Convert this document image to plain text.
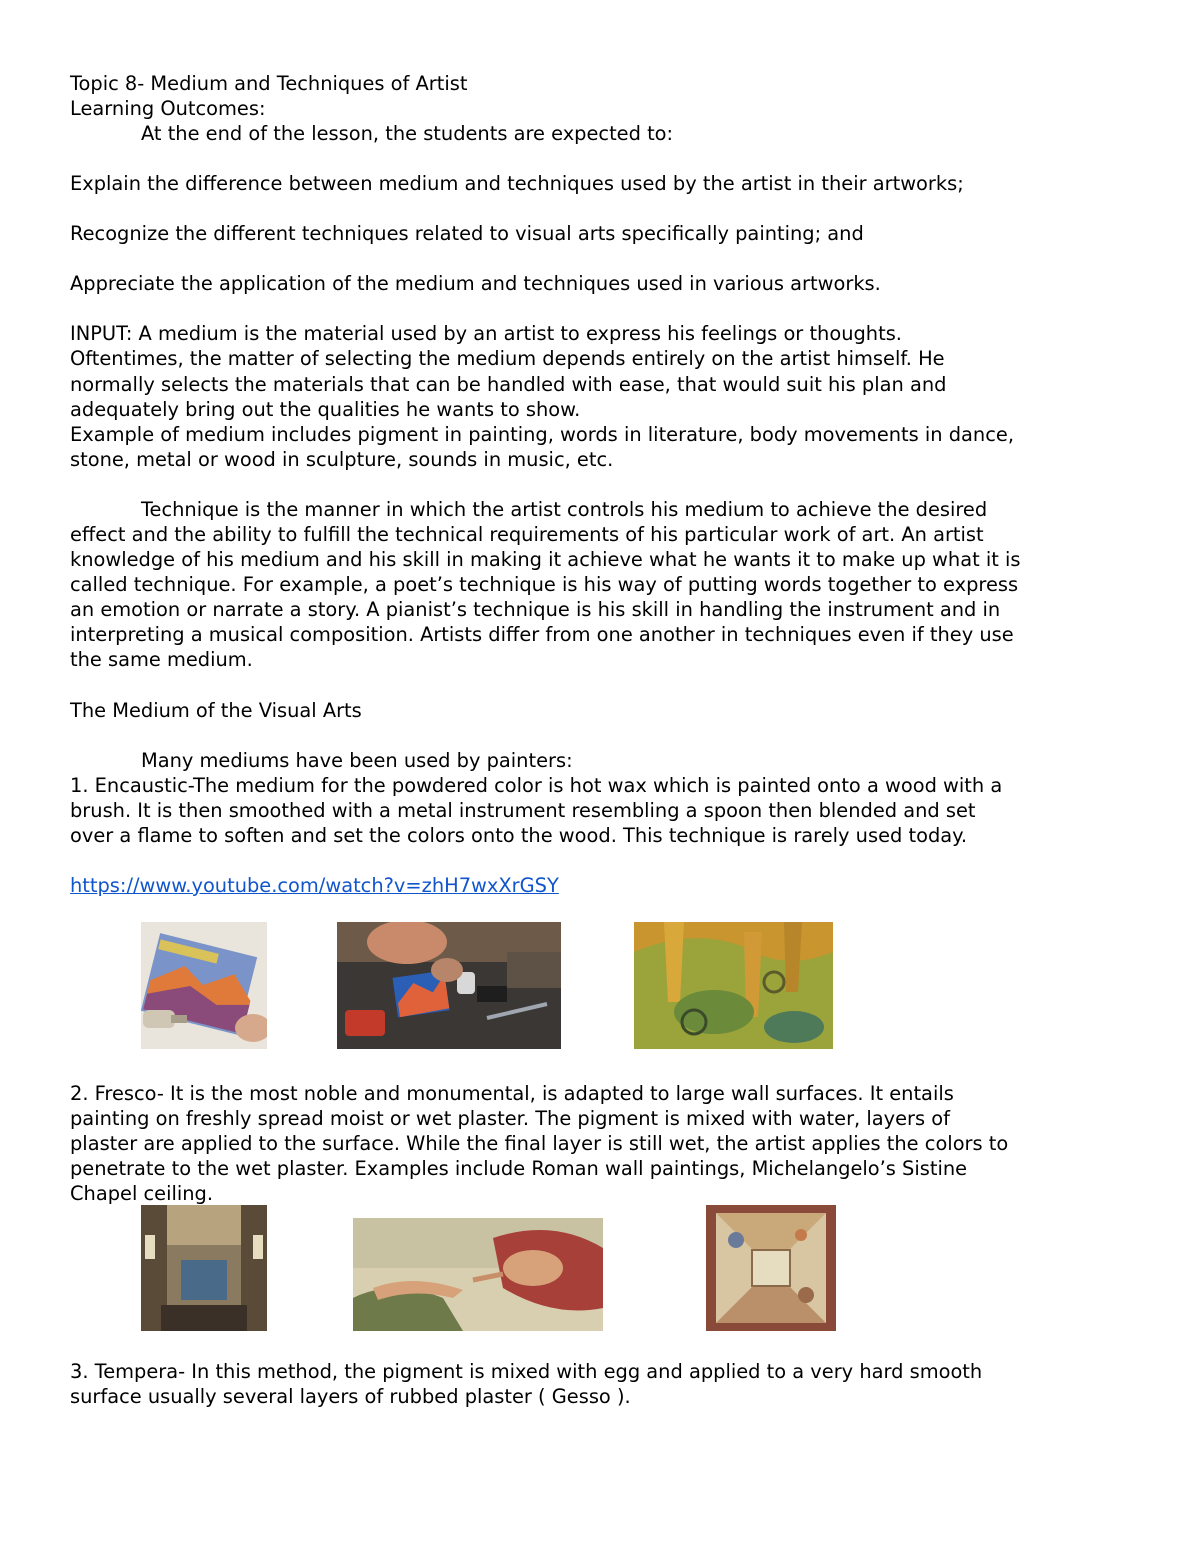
Topic 8- Medium and Techniques of Artist
Learning Outcomes:
At the end of the lesson, the students are expected to:
Explain the difference between medium and techniques used by the artist in their artworks;
Recognize the different techniques related to visual arts specifically painting; and
Appreciate the application of the medium and techniques used in various artworks.
INPUT: A medium is the material used by an artist to express his feelings or thoughts.
Oftentimes, the matter of selecting the medium depends entirely on the artist himself. He
normally selects the materials that can be handled with ease, that would suit his plan and
adequately bring out the qualities he wants to show.
Example of medium includes pigment in painting, words in literature, body movements in dance,
stone, metal or wood in sculpture, sounds in music, etc.
Technique is the manner in which the artist controls his medium to achieve the desired
effect and the ability to fulfill the technical requirements of his particular work of art. An artist
knowledge of his medium and his skill in making it achieve what he wants it to make up what it is
called technique. For example, a poet’s technique is his way of putting words together to express
an emotion or narrate a story. A pianist’s technique is his skill in handling the instrument and in
interpreting a musical composition. Artists differ from one another in techniques even if they use
the same medium.
The Medium of the Visual Arts
Many mediums have been used by painters:
1. Encaustic-The medium for the powdered color is hot wax which is painted onto a wood with a
brush. It is then smoothed with a metal instrument resembling a spoon then blended and set
over a flame to soften and set the colors onto the wood. This technique is rarely used today.
https://www.youtube.com/watch?v=zhH7wxXrGSY
2. Fresco- It is the most noble and monumental, is adapted to large wall surfaces. It entails
painting on freshly spread moist or wet plaster. The pigment is mixed with water, layers of
plaster are applied to the surface. While the final layer is still wet, the artist applies the colors to
penetrate to the wet plaster. Examples include Roman wall paintings, Michelangelo’s Sistine
Chapel ceiling.
3. Tempera- In this method, the pigment is mixed with egg and applied to a very hard smooth
surface usually several layers of rubbed plaster ( Gesso ).
